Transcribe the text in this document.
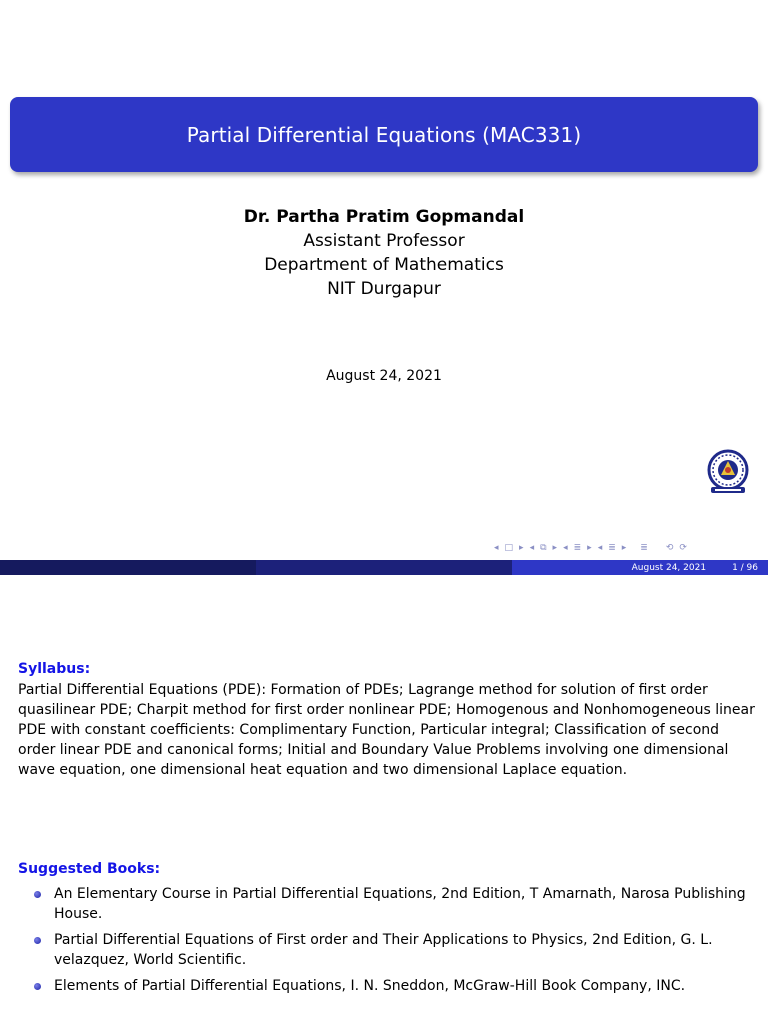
Partial Differential Equations (MAC331)
Dr. Partha Pratim Gopmandal
Assistant Professor
Department of Mathematics
NIT Durgapur
August 24, 2021
◂ □ ▸ ◂ ⧉ ▸ ◂ ≣ ▸ ◂ ≣ ▸ ≣ ⟲ ⟳
August 24, 2021	1 / 96
Syllabus:
Partial Differential Equations (PDE): Formation of PDEs; Lagrange method for solution of first order quasilinear PDE; Charpit method for first order nonlinear PDE; Homogenous and Nonhomogeneous linear PDE with constant coefficients: Complimentary Function, Particular integral; Classification of second order linear PDE and canonical forms; Initial and Boundary Value Problems involving one dimensional wave equation, one dimensional heat equation and two dimensional Laplace equation.
Suggested Books:
An Elementary Course in Partial Differential Equations, 2nd Edition, T Amarnath, Narosa Publishing House.
Partial Differential Equations of First order and Their Applications to Physics, 2nd Edition, G. L. velazquez, World Scientific.
Elements of Partial Differential Equations, I. N. Sneddon, McGraw-Hill Book Company, INC.
